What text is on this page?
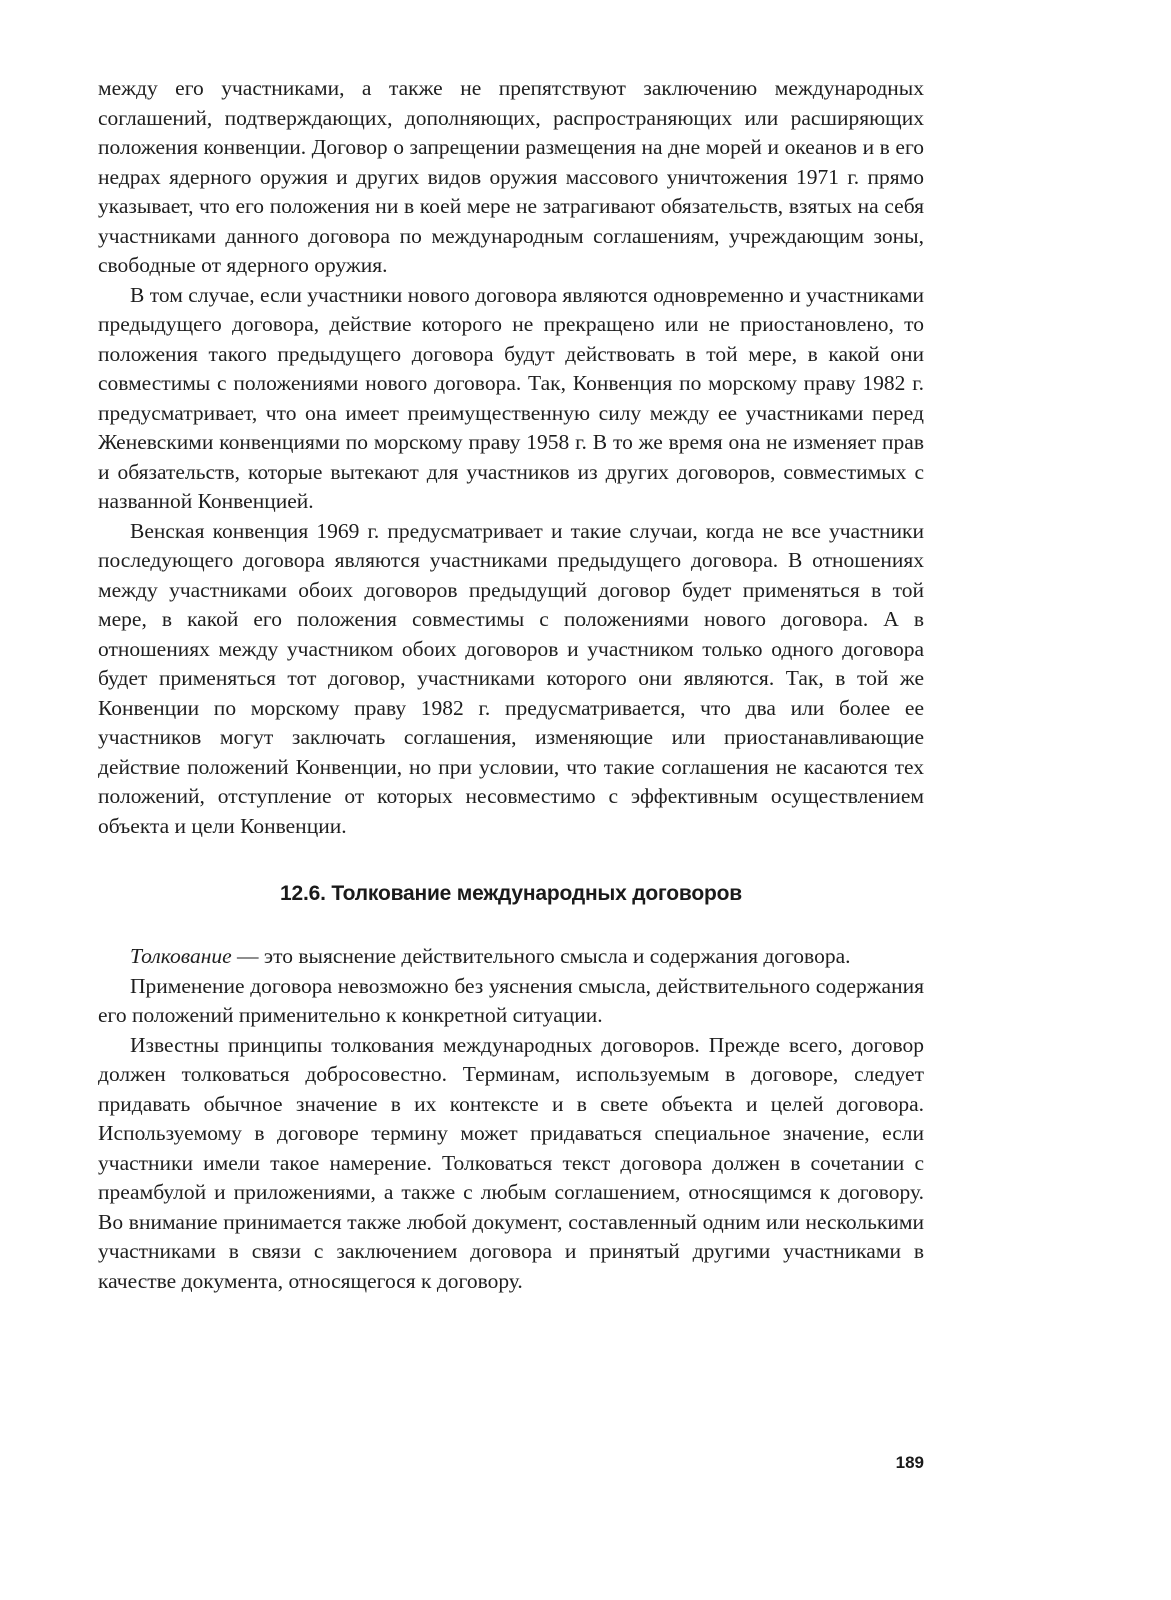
между его участниками, а также не препятствуют заключению международных соглашений, подтверждающих, дополняющих, распространяющих или расширяющих положения конвенции. Договор о запрещении размещения на дне морей и океанов и в его недрах ядерного оружия и других видов оружия массового уничтожения 1971 г. прямо указывает, что его положения ни в коей мере не затрагивают обязательств, взятых на себя участниками данного договора по международным соглашениям, учреждающим зоны, свободные от ядерного оружия.

В том случае, если участники нового договора являются одновременно и участниками предыдущего договора, действие которого не прекращено или не приостановлено, то положения такого предыдущего договора будут действовать в той мере, в какой они совместимы с положениями нового договора. Так, Конвенция по морскому праву 1982 г. предусматривает, что она имеет преимущественную силу между ее участниками перед Женевскими конвенциями по морскому праву 1958 г. В то же время она не изменяет прав и обязательств, которые вытекают для участников из других договоров, совместимых с названной Конвенцией.

Венская конвенция 1969 г. предусматривает и такие случаи, когда не все участники последующего договора являются участниками предыдущего договора. В отношениях между участниками обоих договоров предыдущий договор будет применяться в той мере, в какой его положения совместимы с положениями нового договора. А в отношениях между участником обоих договоров и участником только одного договора будет применяться тот договор, участниками которого они являются. Так, в той же Конвенции по морскому праву 1982 г. предусматривается, что два или более ее участников могут заключать соглашения, изменяющие или приостанавливающие действие положений Конвенции, но при условии, что такие соглашения не касаются тех положений, отступление от которых несовместимо с эффективным осуществлением объекта и цели Конвенции.

12.6. Толкование международных договоров

Толкование — это выяснение действительного смысла и содержания договора.

Применение договора невозможно без уяснения смысла, действительного содержания его положений применительно к конкретной ситуации.

Известны принципы толкования международных договоров. Прежде всего, договор должен толковаться добросовестно. Терминам, используемым в договоре, следует придавать обычное значение в их контексте и в свете объекта и целей договора. Используемому в договоре термину может придаваться специальное значение, если участники имели такое намерение. Толковаться текст договора должен в сочетании с преамбулой и приложениями, а также с любым соглашением, относящимся к договору. Во внимание принимается также любой документ, составленный одним или несколькими участниками в связи с заключением договора и принятый другими участниками в качестве документа, относящегося к договору.

189
